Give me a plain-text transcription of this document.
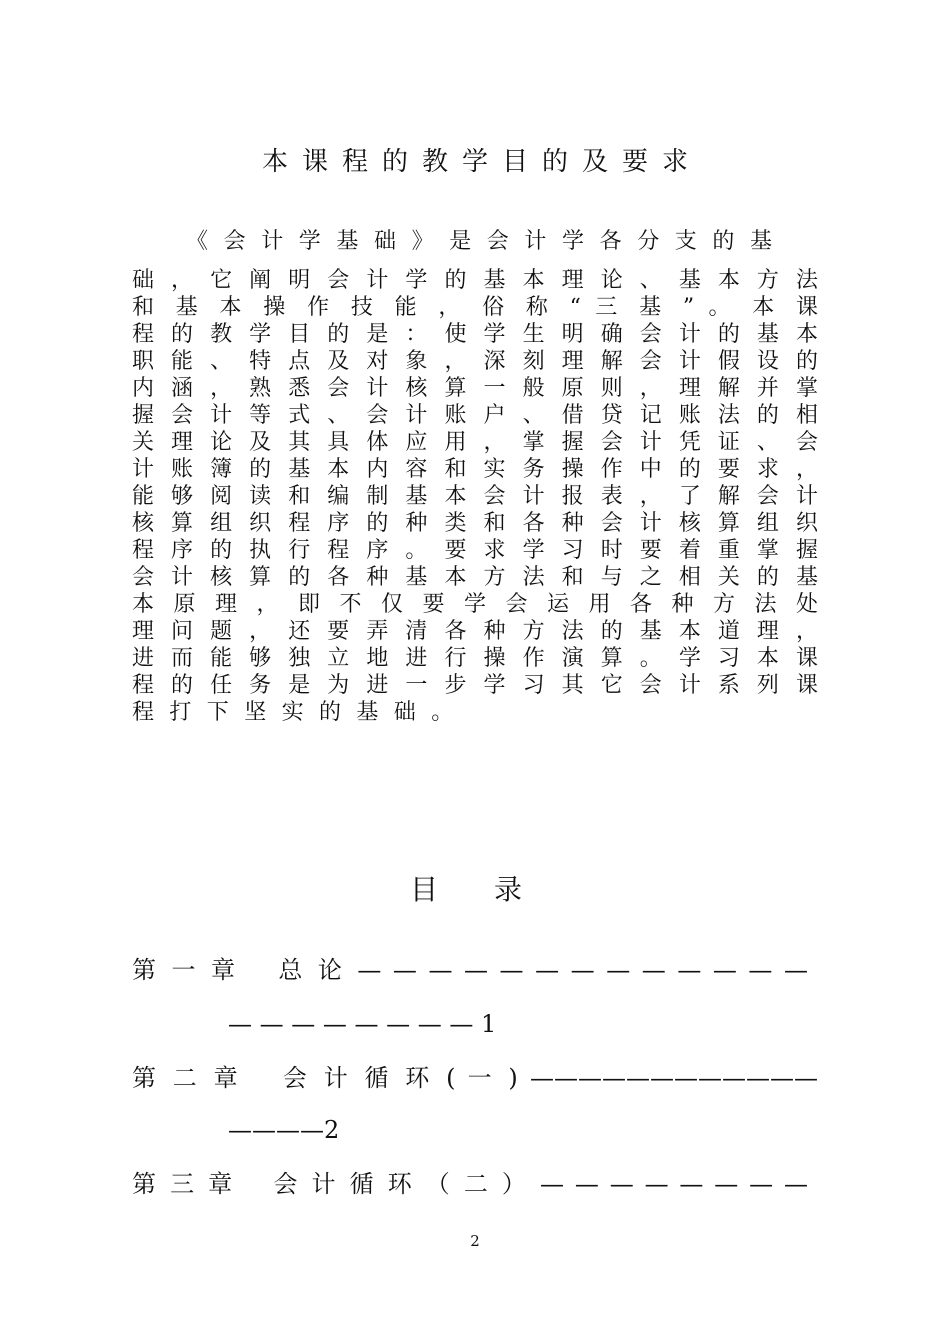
本课程的教学目的及要求

《会计学基础》是会计学各分支的基

础 ， 它 阐 明 会 计 学 的 基 本 理 论 、 基 本 方 法
和 基 本 操 作 技 能 ， 俗 称 “ 三 基 ” 。 本 课
程 的 教 学 目 的 是 ： 使 学 生 明 确 会 计 的 基 本
职 能 、 特 点 及 对 象 ， 深 刻 理 解 会 计 假 设 的
内 涵 ， 熟 悉 会 计 核 算 一 般 原 则 ， 理 解 并 掌
握 会 计 等 式 、 会 计 账 户 、 借 贷 记 账 法 的 相
关 理 论 及 其 具 体 应 用 ， 掌 握 会 计 凭 证 、 会
计 账 簿 的 基 本 内 容 和 实 务 操 作 中 的 要 求 ，
能 够 阅 读 和 编 制 基 本 会 计 报 表 ， 了 解 会 计
核 算 组 织 程 序 的 种 类 和 各 种 会 计 核 算 组 织
程 序 的 执 行 程 序 。 要 求 学 习 时 要 着 重 掌 握
会 计 核 算 的 各 种 基 本 方 法 和 与 之 相 关 的 基
本 原 理 ， 即 不 仅 要 学 会 运 用 各 种 方 法 处
理 问 题 ， 还 要 弄 清 各 种 方 法 的 基 本 道 理 ，
进 而 能 够 独 立 地 进 行 操 作 演 算 。 学 习 本 课
程 的 任 务 是 为 进 一 步 学 习 其 它 会 计 系 列 课
程打下坚实的基础。
目 录
第 一 章 　总 论 — — — — — — — — — — — — —
— — — — — — — — 1
第 二 章 　会 计 循 环 ( 一 ) ————————————
————2
第 三 章 　会 计 循 环 （ 二 ） — — — — — — — —
2
